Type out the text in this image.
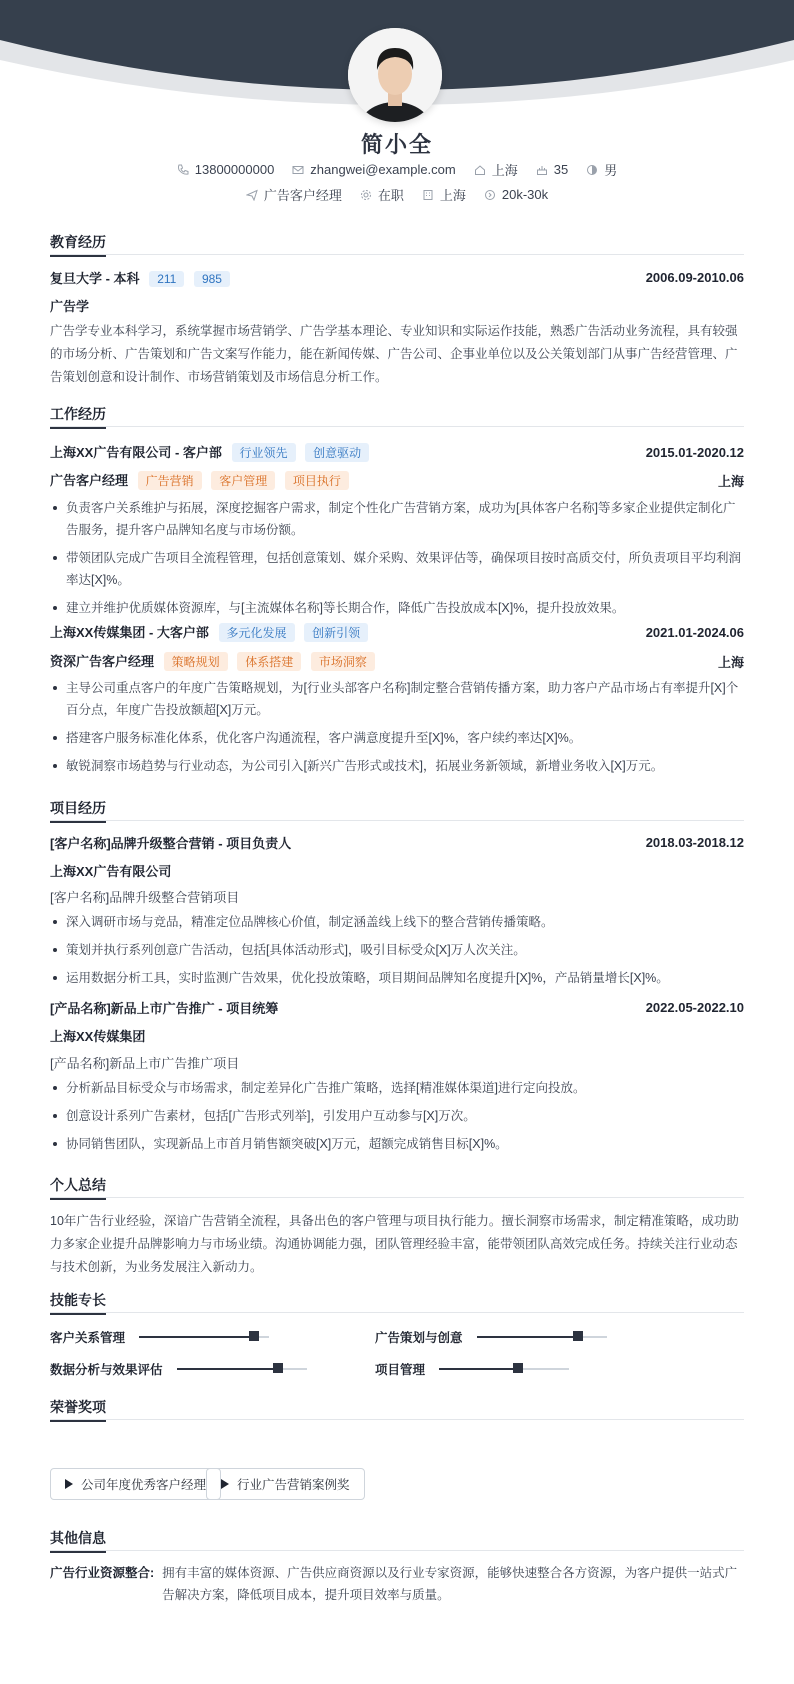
简小全
13800000000	zhangwei@example.com	上海	35	男
广告客户经理	在职	上海	20k-30k
教育经历
复旦大学 - 本科 211 985	2006.09-2010.06
广告学

广告学专业本科学习，系统掌握市场营销学、广告学基本理论、专业知识和实际运作技能，熟悉广告活动业务流程，具有较强的市场分析、广告策划和广告文案写作能力，能在新闻传媒、广告公司、企事业单位以及公关策划部门从事广告经营管理、广告策划创意和设计制作、市场营销策划及市场信息分析工作。

工作经历
上海XX广告有限公司 - 客户部 行业领先 创意驱动	2015.01-2020.12
广告客户经理 广告营销 客户管理 项目执行	上海
负责客户关系维护与拓展，深度挖掘客户需求，制定个性化广告营销方案，成功为[具体客户名称]等多家企业提供定制化广告服务，提升客户品牌知名度与市场份额。
带领团队完成广告项目全流程管理，包括创意策划、媒介采购、效果评估等，确保项目按时高质交付，所负责项目平均利润率达[X]%。
建立并维护优质媒体资源库，与[主流媒体名称]等长期合作，降低广告投放成本[X]%，提升投放效果。
上海XX传媒集团 - 大客户部 多元化发展 创新引领	2021.01-2024.06
资深广告客户经理 策略规划 体系搭建 市场洞察	上海
主导公司重点客户的年度广告策略规划，为[行业头部客户名称]制定整合营销传播方案，助力客户产品市场占有率提升[X]个百分点，年度广告投放额超[X]万元。
搭建客户服务标准化体系，优化客户沟通流程，客户满意度提升至[X]%，客户续约率达[X]%。
敏锐洞察市场趋势与行业动态，为公司引入[新兴广告形式或技术]，拓展业务新领域，新增业务收入[X]万元。
项目经历
[客户名称]品牌升级整合营销 - 项目负责人	2018.03-2018.12
上海XX广告有限公司
[客户名称]品牌升级整合营销项目
深入调研市场与竞品，精准定位品牌核心价值，制定涵盖线上线下的整合营销传播策略。
策划并执行系列创意广告活动，包括[具体活动形式]，吸引目标受众[X]万人次关注。
运用数据分析工具，实时监测广告效果，优化投放策略，项目期间品牌知名度提升[X]%，产品销量增长[X]%。
[产品名称]新品上市广告推广 - 项目统筹	2022.05-2022.10
上海XX传媒集团
[产品名称]新品上市广告推广项目
分析新品目标受众与市场需求，制定差异化广告推广策略，选择[精准媒体渠道]进行定向投放。
创意设计系列广告素材，包括[广告形式列举]，引发用户互动参与[X]万次。
协同销售团队，实现新品上市首月销售额突破[X]万元，超额完成销售目标[X]%。
个人总结

10年广告行业经验，深谙广告营销全流程，具备出色的客户管理与项目执行能力。擅长洞察市场需求，制定精准策略，成功助力多家企业提升品牌影响力与市场业绩。沟通协调能力强，团队管理经验丰富，能带领团队高效完成任务。持续关注行业动态与技术创新，为业务发展注入新动力。

技能专长
客户关系管理	广告策划与创意
数据分析与效果评估	项目管理
荣誉奖项
公司年度优秀客户经理 行业广告营销案例奖
其他信息
广告行业资源整合: 拥有丰富的媒体资源、广告供应商资源以及行业专家资源，能够快速整合各方资源，为客户提供一站式广告解决方案，降低项目成本，提升项目效率与质量。
